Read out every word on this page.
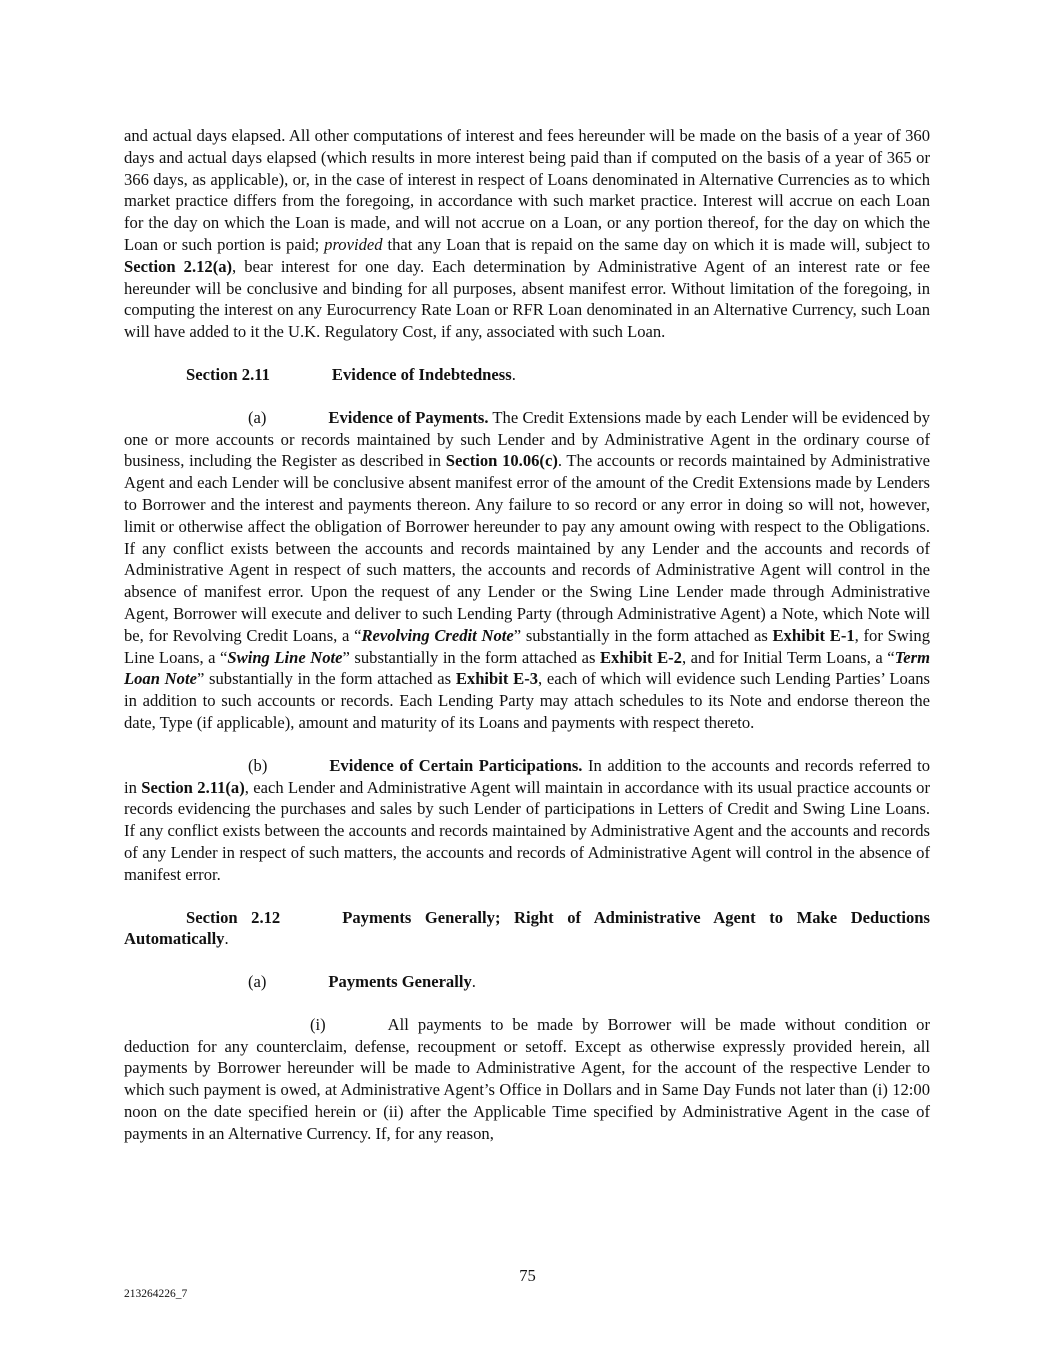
and actual days elapsed. All other computations of interest and fees hereunder will be made on the basis of a year of 360 days and actual days elapsed (which results in more interest being paid than if computed on the basis of a year of 365 or 366 days, as applicable), or, in the case of interest in respect of Loans denominated in Alternative Currencies as to which market practice differs from the foregoing, in accordance with such market practice. Interest will accrue on each Loan for the day on which the Loan is made, and will not accrue on a Loan, or any portion thereof, for the day on which the Loan or such portion is paid; provided that any Loan that is repaid on the same day on which it is made will, subject to Section 2.12(a), bear interest for one day. Each determination by Administrative Agent of an interest rate or fee hereunder will be conclusive and binding for all purposes, absent manifest error. Without limitation of the foregoing, in computing the interest on any Eurocurrency Rate Loan or RFR Loan denominated in an Alternative Currency, such Loan will have added to it the U.K. Regulatory Cost, if any, associated with such Loan.

Section 2.11	Evidence of Indebtedness.

(a)	Evidence of Payments. The Credit Extensions made by each Lender will be evidenced by one or more accounts or records maintained by such Lender and by Administrative Agent in the ordinary course of business, including the Register as described in Section 10.06(c). The accounts or records maintained by Administrative Agent and each Lender will be conclusive absent manifest error of the amount of the Credit Extensions made by Lenders to Borrower and the interest and payments thereon. Any failure to so record or any error in doing so will not, however, limit or otherwise affect the obligation of Borrower hereunder to pay any amount owing with respect to the Obligations. If any conflict exists between the accounts and records maintained by any Lender and the accounts and records of Administrative Agent in respect of such matters, the accounts and records of Administrative Agent will control in the absence of manifest error. Upon the request of any Lender or the Swing Line Lender made through Administrative Agent, Borrower will execute and deliver to such Lending Party (through Administrative Agent) a Note, which Note will be, for Revolving Credit Loans, a “Revolving Credit Note” substantially in the form attached as Exhibit E-1, for Swing Line Loans, a “Swing Line Note” substantially in the form attached as Exhibit E-2, and for Initial Term Loans, a “Term Loan Note” substantially in the form attached as Exhibit E-3, each of which will evidence such Lending Parties’ Loans in addition to such accounts or records. Each Lending Party may attach schedules to its Note and endorse thereon the date, Type (if applicable), amount and maturity of its Loans and payments with respect thereto.

(b)	Evidence of Certain Participations. In addition to the accounts and records referred to in Section 2.11(a), each Lender and Administrative Agent will maintain in accordance with its usual practice accounts or records evidencing the purchases and sales by such Lender of participations in Letters of Credit and Swing Line Loans. If any conflict exists between the accounts and records maintained by Administrative Agent and the accounts and records of any Lender in respect of such matters, the accounts and records of Administrative Agent will control in the absence of manifest error.

Section 2.12	Payments Generally; Right of Administrative Agent to Make Deductions Automatically.

(a)	Payments Generally.

(i)	All payments to be made by Borrower will be made without condition or deduction for any counterclaim, defense, recoupment or setoff. Except as otherwise expressly provided herein, all payments by Borrower hereunder will be made to Administrative Agent, for the account of the respective Lender to which such payment is owed, at Administrative Agent’s Office in Dollars and in Same Day Funds not later than (i) 12:00 noon on the date specified herein or (ii) after the Applicable Time specified by Administrative Agent in the case of payments in an Alternative Currency. If, for any reason,

75
213264226_7
